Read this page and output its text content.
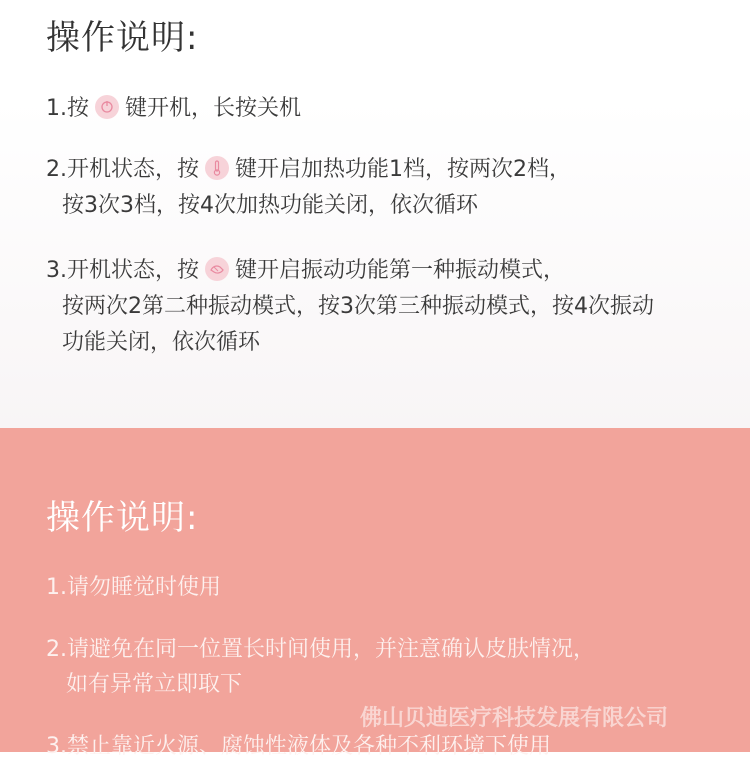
操作说明:
1.按 键开机，长按关机
2.开机状态，按 键开启加热功能1档，按两次2档，
按3次3档，按4次加热功能关闭，依次循环
3.开机状态，按 键开启振动功能第一种振动模式，
按两次2第二种振动模式，按3次第三种振动模式，按4次振动
功能关闭，依次循环
操作说明:
1.请勿睡觉时使用
2.请避免在同一位置长时间使用，并注意确认皮肤情况，
如有异常立即取下
3.禁止靠近火源、腐蚀性液体及各种不利环境下使用
佛山贝迪医疗科技发展有限公司
